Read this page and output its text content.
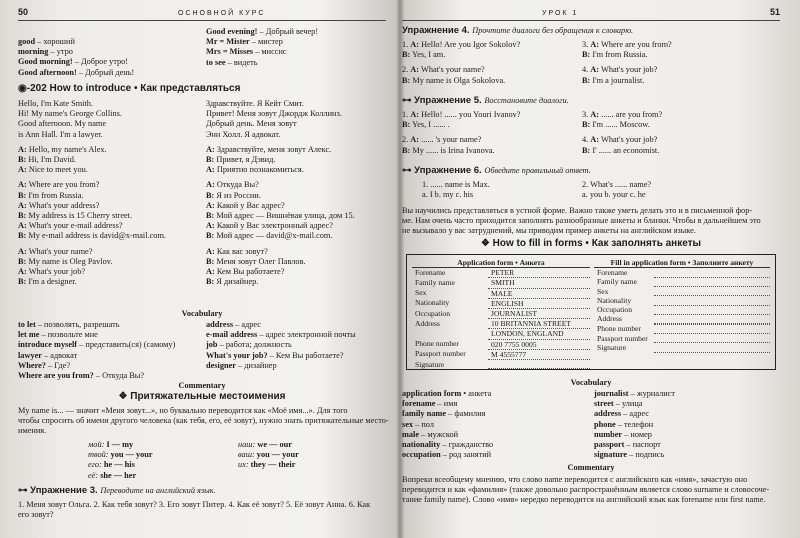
50	ОСНОВНОЙ КУРС
good – хороший
morning – утро
Good morning! – Доброе утро!
Good afternoon! – Добрый день!
Good evening! – Добрый вечер!
Mr = Mister – мистер
Mrs = Misses – миссис
to see – видеть
◉-202 How to introduce • Как представляться
Hello, I'm Kate Smith.
Hi! My name's George Collins.
Good afternoon. My name
is Ann Hall. I'm a lawyer.
A: Hello, my name's Alex.
B: Hi, I'm David.
A: Nice to meet you.
A: Where are you from?
B: I'm from Russia.
A: What's your address?
B: My address is 15 Cherry street.
A: What's your e-mail address?
B: My e-mail address is david@x-mail.com.
A: What's your name?
B: My name is Oleg Pavlov.
A: What's your job?
B: I'm a designer.
Здравствуйте. Я Кейт Смит.
Привет! Меня зовут Джордж Коллинз.
Добрый день. Меня зовут
Энн Холл. Я адвокат.
А: Здравствуйте, меня зовут Алекс.
В: Привет, я Дэвид.
А: Приятно познакомиться.
А: Откуда Вы?
В: Я из России.
А: Какой у Вас адрес?
В: Мой адрес — Вишнёвая улица, дом 15.
А: Какой у Вас электронный адрес?
В: Мой адрес — david@x-mail.com.
А: Как вас зовут?
В: Меня зовут Олег Павлов.
А: Кем Вы работаете?
В: Я дизайнер.
Vocabulary
to let – позволять, разрешать
let me – позвольте мне
introduce myself – представить(ся) (самому)
lawyer – адвокат
Where? – Где?
Where are you from? – Откуда Вы?
address – адрес
e-mail address – адрес электронной почты
job – работа; должность
What's your job? – Кем Вы работаете?
designer – дизайнер
Commentary
❖ Притяжательные местоимения
My name is... — значит «Меня зовут...», но буквально переводится как «Моё имя...». Для того
чтобы спросить об имени другого человека (как тебя, его, её зовут), нужно знать притяжательные место-
имения.
мой: I — my
твой: you — your
его: he — his
её: she — her
наш: we — our
ваш: you — your
их: they — their
⊶ Упражнение 3. Переводите на английский язык.
1. Меня зовут Ольга. 2. Как тебя зовут? 3. Его зовут Питер. 4. Как её зовут? 5. Её зовут Анна. 6. Как
его зовут?
УРОК 1	51
Упражнение 4. Прочтите диалоги без обращения к словарю.
1. A: Hello! Are you Igor Sokolov?
B: Yes, I am.
2. A: What's your name?
B: My name is Olga Sokolova.
3. A: Where are you from?
B: I'm from Russia.
4. A: What's your job?
B: I'm a journalist.
⊶ Упражнение 5. Восстановите диалоги.
1. A: Hello! ...... you Youri Ivanov?
B: Yes, I ...... .
2. A: ...... 's your name?
B: My ...... is Irina Ivanova.
3. A: ...... are you from?
B: I'm ...... Moscow.
4. A: What's your job?
B: I' ...... an economist.
⊶ Упражнение 6. Обведите правильный ответ.
1. ...... name is Max.
a. I b. my c. his
2. What's ...... name?
a. you b. your c. he
Вы научились представляться в устной форме. Важно также уметь делать это и в письменной фор-
ме. Нам очень часто приходится заполнять разнообразные анкеты и бланки. Чтобы в дальнейшем это
не вызывало у вас затруднений, мы приводим пример анкеты на английском языке.
❖ How to fill in forms • Как заполнять анкеты
Application form • Анкета	
Forename	PETER
Family name	SMITH
Sex	MALE
Nationality	ENGLISH
Occupation	JOURNALIST
Address	10 BRITANNIA STREET
	LONDON, ENGLAND
Phone number	020 7755 0005
Passport number	M 4555777
Signature	
Fill in application form • Заполните анкету	
Forename	
Family name	
Sex	
Nationality	
Occupation	
Address	

Phone number	
Passport number	
Signature	
Vocabulary
application form • анкета
forename – имя
family name – фамилия
sex – пол
male – мужской
nationality – гражданство
occupation – род занятий
journalist – журналист
street – улица
address – адрес
phone – телефон
number – номер
passport – паспорт
signature – подпись
Commentary
Вопреки всеобщему мнению, что слово name переводится с английского как «имя», зачастую оно
переводится и как «фамилия» (также довольно распространённым является слово surname и словосоче-
тание family name). Слово «имя» нередко переводится на английский язык как forename или first name.
